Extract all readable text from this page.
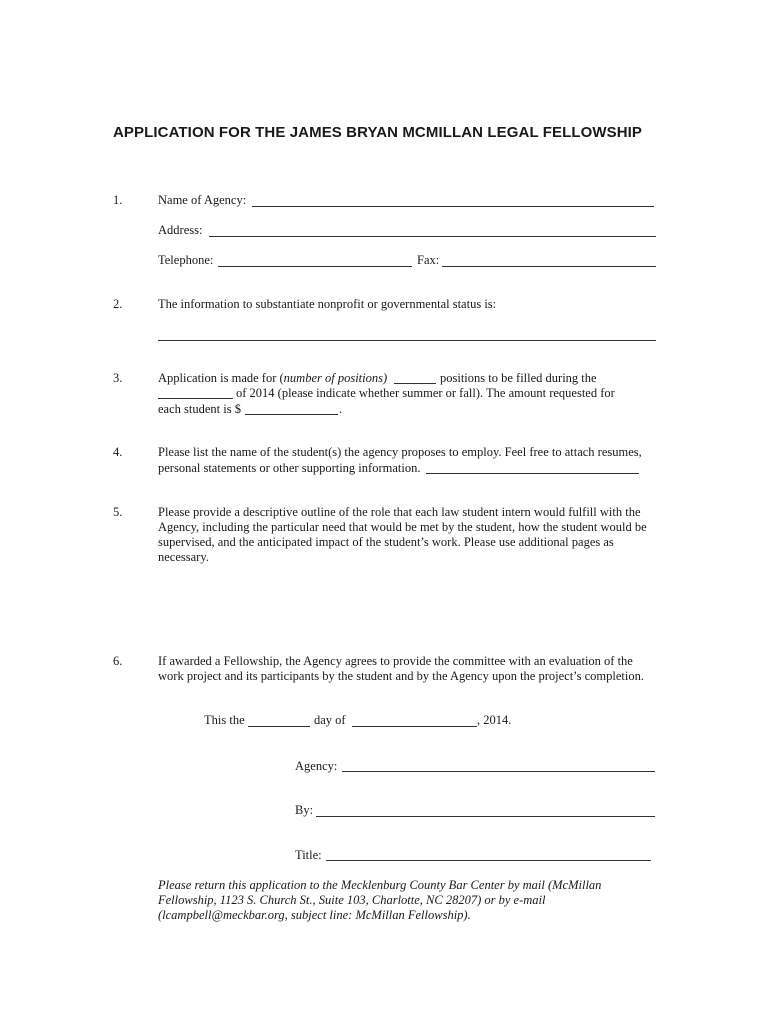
APPLICATION FOR THE JAMES BRYAN MCMILLAN LEGAL FELLOWSHIP
1.	Name of Agency:
Address:
Telephone:	Fax:
2.	The information to substantiate nonprofit or governmental status is:
3.	Application is made for (number of positions)	positions to be filled during the
of 2014 (please indicate whether summer or fall). The amount requested for
each student is $	.
4.	Please list the name of the student(s) the agency proposes to employ. Feel free to attach resumes,
personal statements or other supporting information.
5.	Please provide a descriptive outline of the role that each law student intern would fulfill with the
Agency, including the particular need that would be met by the student, how the student would be
supervised, and the anticipated impact of the student’s work. Please use additional pages as
necessary.
6.	If awarded a Fellowship, the Agency agrees to provide the committee with an evaluation of the
work project and its participants by the student and by the Agency upon the project’s completion.
This the	day of	, 2014.
Agency:
By:
Title:
Please return this application to the Mecklenburg County Bar Center by mail (McMillan
Fellowship, 1123 S. Church St., Suite 103, Charlotte, NC 28207) or by e-mail
(lcampbell@meckbar.org, subject line: McMillan Fellowship).
